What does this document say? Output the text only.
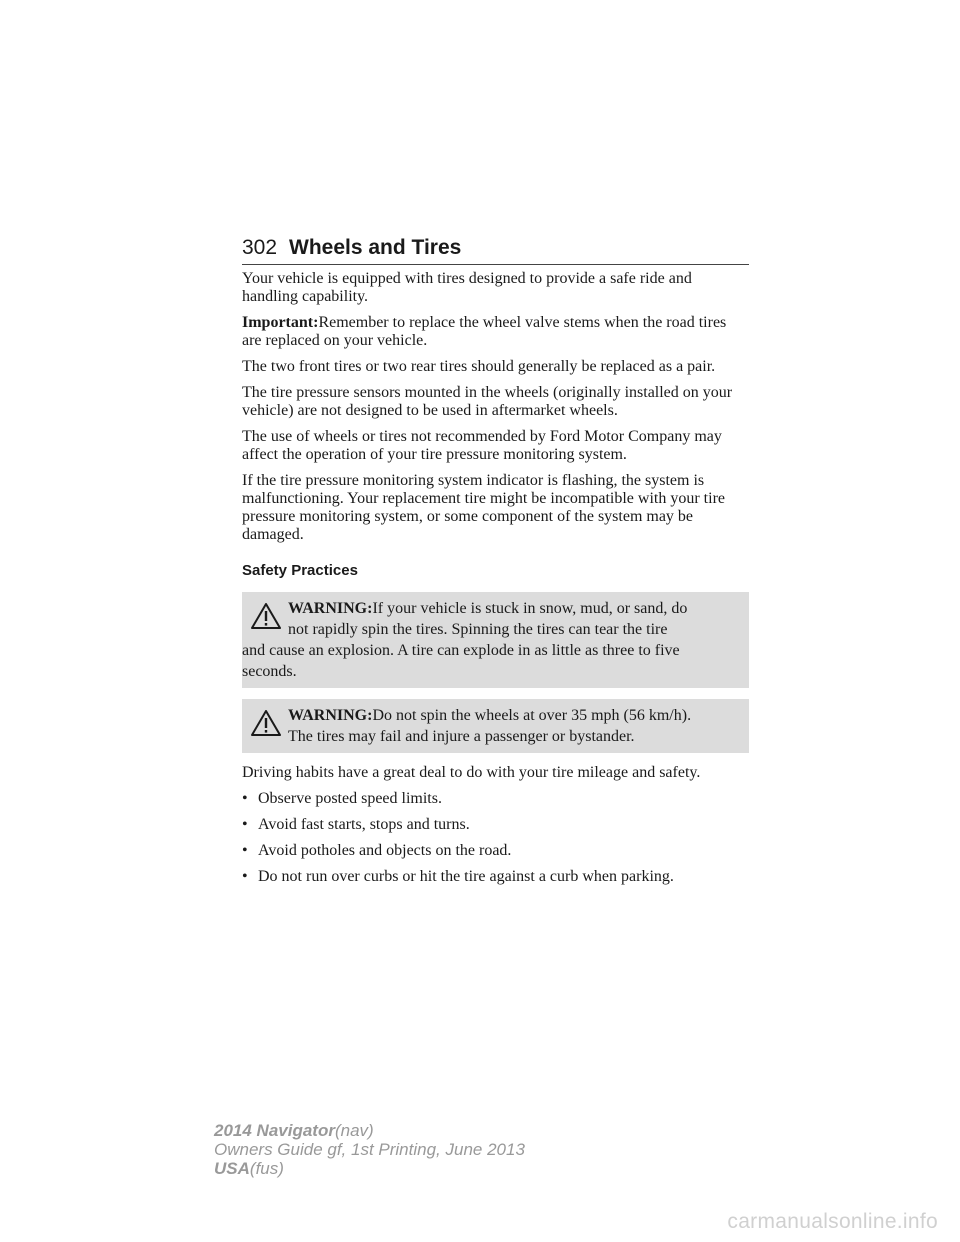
302 Wheels and Tires

Your vehicle is equipped with tires designed to provide a safe ride and handling capability.

Important:Remember to replace the wheel valve stems when the road tires are replaced on your vehicle.

The two front tires or two rear tires should generally be replaced as a pair.

The tire pressure sensors mounted in the wheels (originally installed on your vehicle) are not designed to be used in aftermarket wheels.

The use of wheels or tires not recommended by Ford Motor Company may affect the operation of your tire pressure monitoring system.

If the tire pressure monitoring system indicator is flashing, the system is malfunctioning. Your replacement tire might be incompatible with your tire pressure monitoring system, or some component of the system may be damaged.

Safety Practices
WARNING:If your vehicle is stuck in snow, mud, or sand, do
not rapidly spin the tires. Spinning the tires can tear the tire
and cause an explosion. A tire can explode in as little as three to five
seconds.
WARNING:Do not spin the wheels at over 35 mph (56 km/h).
The tires may fail and injure a passenger or bystander.

Driving habits have a great deal to do with your tire mileage and safety.

• Observe posted speed limits.
• Avoid fast starts, stops and turns.
• Avoid potholes and objects on the road.
• Do not run over curbs or hit the tire against a curb when parking.
2014 Navigator(nav)
Owners Guide gf, 1st Printing, June 2013
USA(fus)
carmanualsonline.info
